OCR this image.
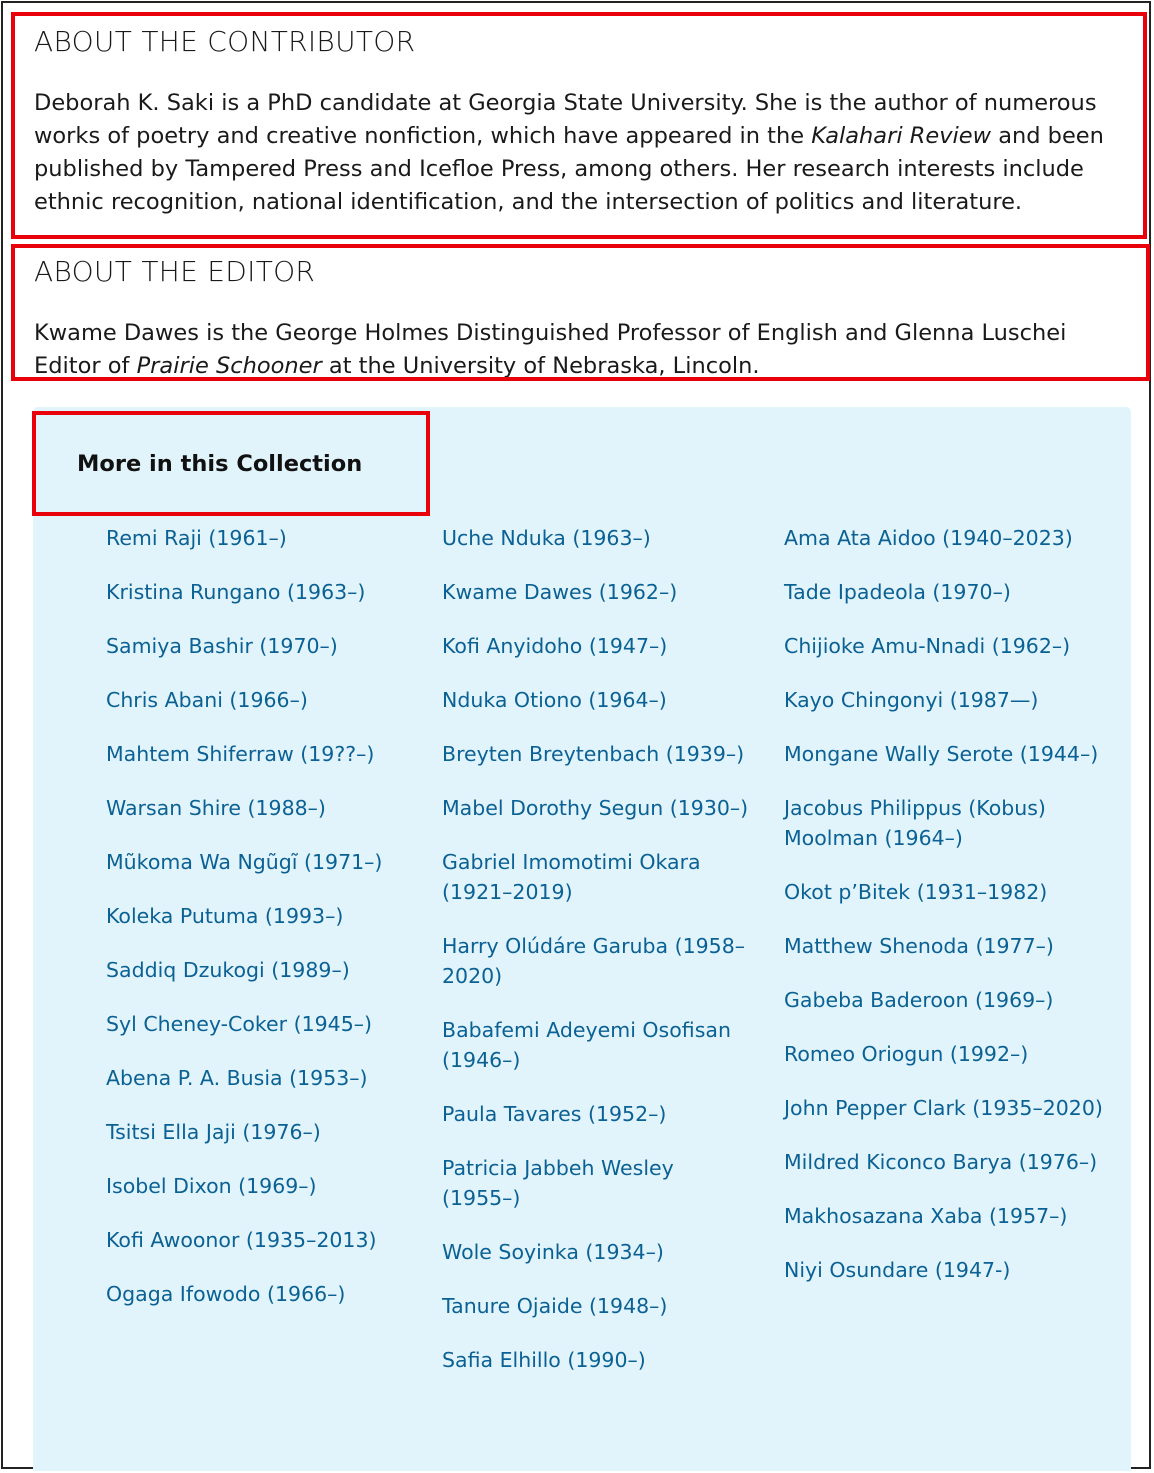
ABOUT THE CONTRIBUTOR

Deborah K. Saki is a PhD candidate at Georgia State University. She is the author of numerous works of poetry and creative nonfiction, which have appeared in the Kalahari Review and been published by Tampered Press and Icefloe Press, among others. Her research interests include ethnic recognition, national identification, and the intersection of politics and literature.

ABOUT THE EDITOR

Kwame Dawes is the George Holmes Distinguished Professor of English and Glenna Luschei Editor of Prairie Schooner at the University of Nebraska, Lincoln.

More in this Collection
Remi Raji (1961–)
Kristina Rungano (1963–)
Samiya Bashir (1970–)
Chris Abani (1966–)
Mahtem Shiferraw (19??–)
Warsan Shire (1988–)
Mũkoma Wa Ngũgĩ (1971–)
Koleka Putuma (1993–)
Saddiq Dzukogi (1989–)
Syl Cheney-Coker (1945–)
Abena P. A. Busia (1953–)
Tsitsi Ella Jaji (1976–)
Isobel Dixon (1969–)
Kofi Awoonor (1935–2013)
Ogaga Ifowodo (1966–)
Uche Nduka (1963–)
Kwame Dawes (1962–)
Kofi Anyidoho (1947–)
Nduka Otiono (1964–)
Breyten Breytenbach (1939–)
Mabel Dorothy Segun (1930–)
Gabriel Imomotimi Okara (1921–2019)
Harry Olúdáre Garuba (1958–2020)
Babafemi Adeyemi Osofisan (1946–)
Paula Tavares (1952–)
Patricia Jabbeh Wesley (1955–)
Wole Soyinka (1934–)
Tanure Ojaide (1948–)
Safia Elhillo (1990–)
Ama Ata Aidoo (1940–2023)
Tade Ipadeola (1970–)
Chijioke Amu-Nnadi (1962–)
Kayo Chingonyi (1987—)
Mongane Wally Serote (1944–)
Jacobus Philippus (Kobus) Moolman (1964–)
Okot p’Bitek (1931–1982)
Matthew Shenoda (1977–)
Gabeba Baderoon (1969–)
Romeo Oriogun (1992–)
John Pepper Clark (1935–2020)
Mildred Kiconco Barya (1976–)
Makhosazana Xaba (1957–)
Niyi Osundare (1947-)
